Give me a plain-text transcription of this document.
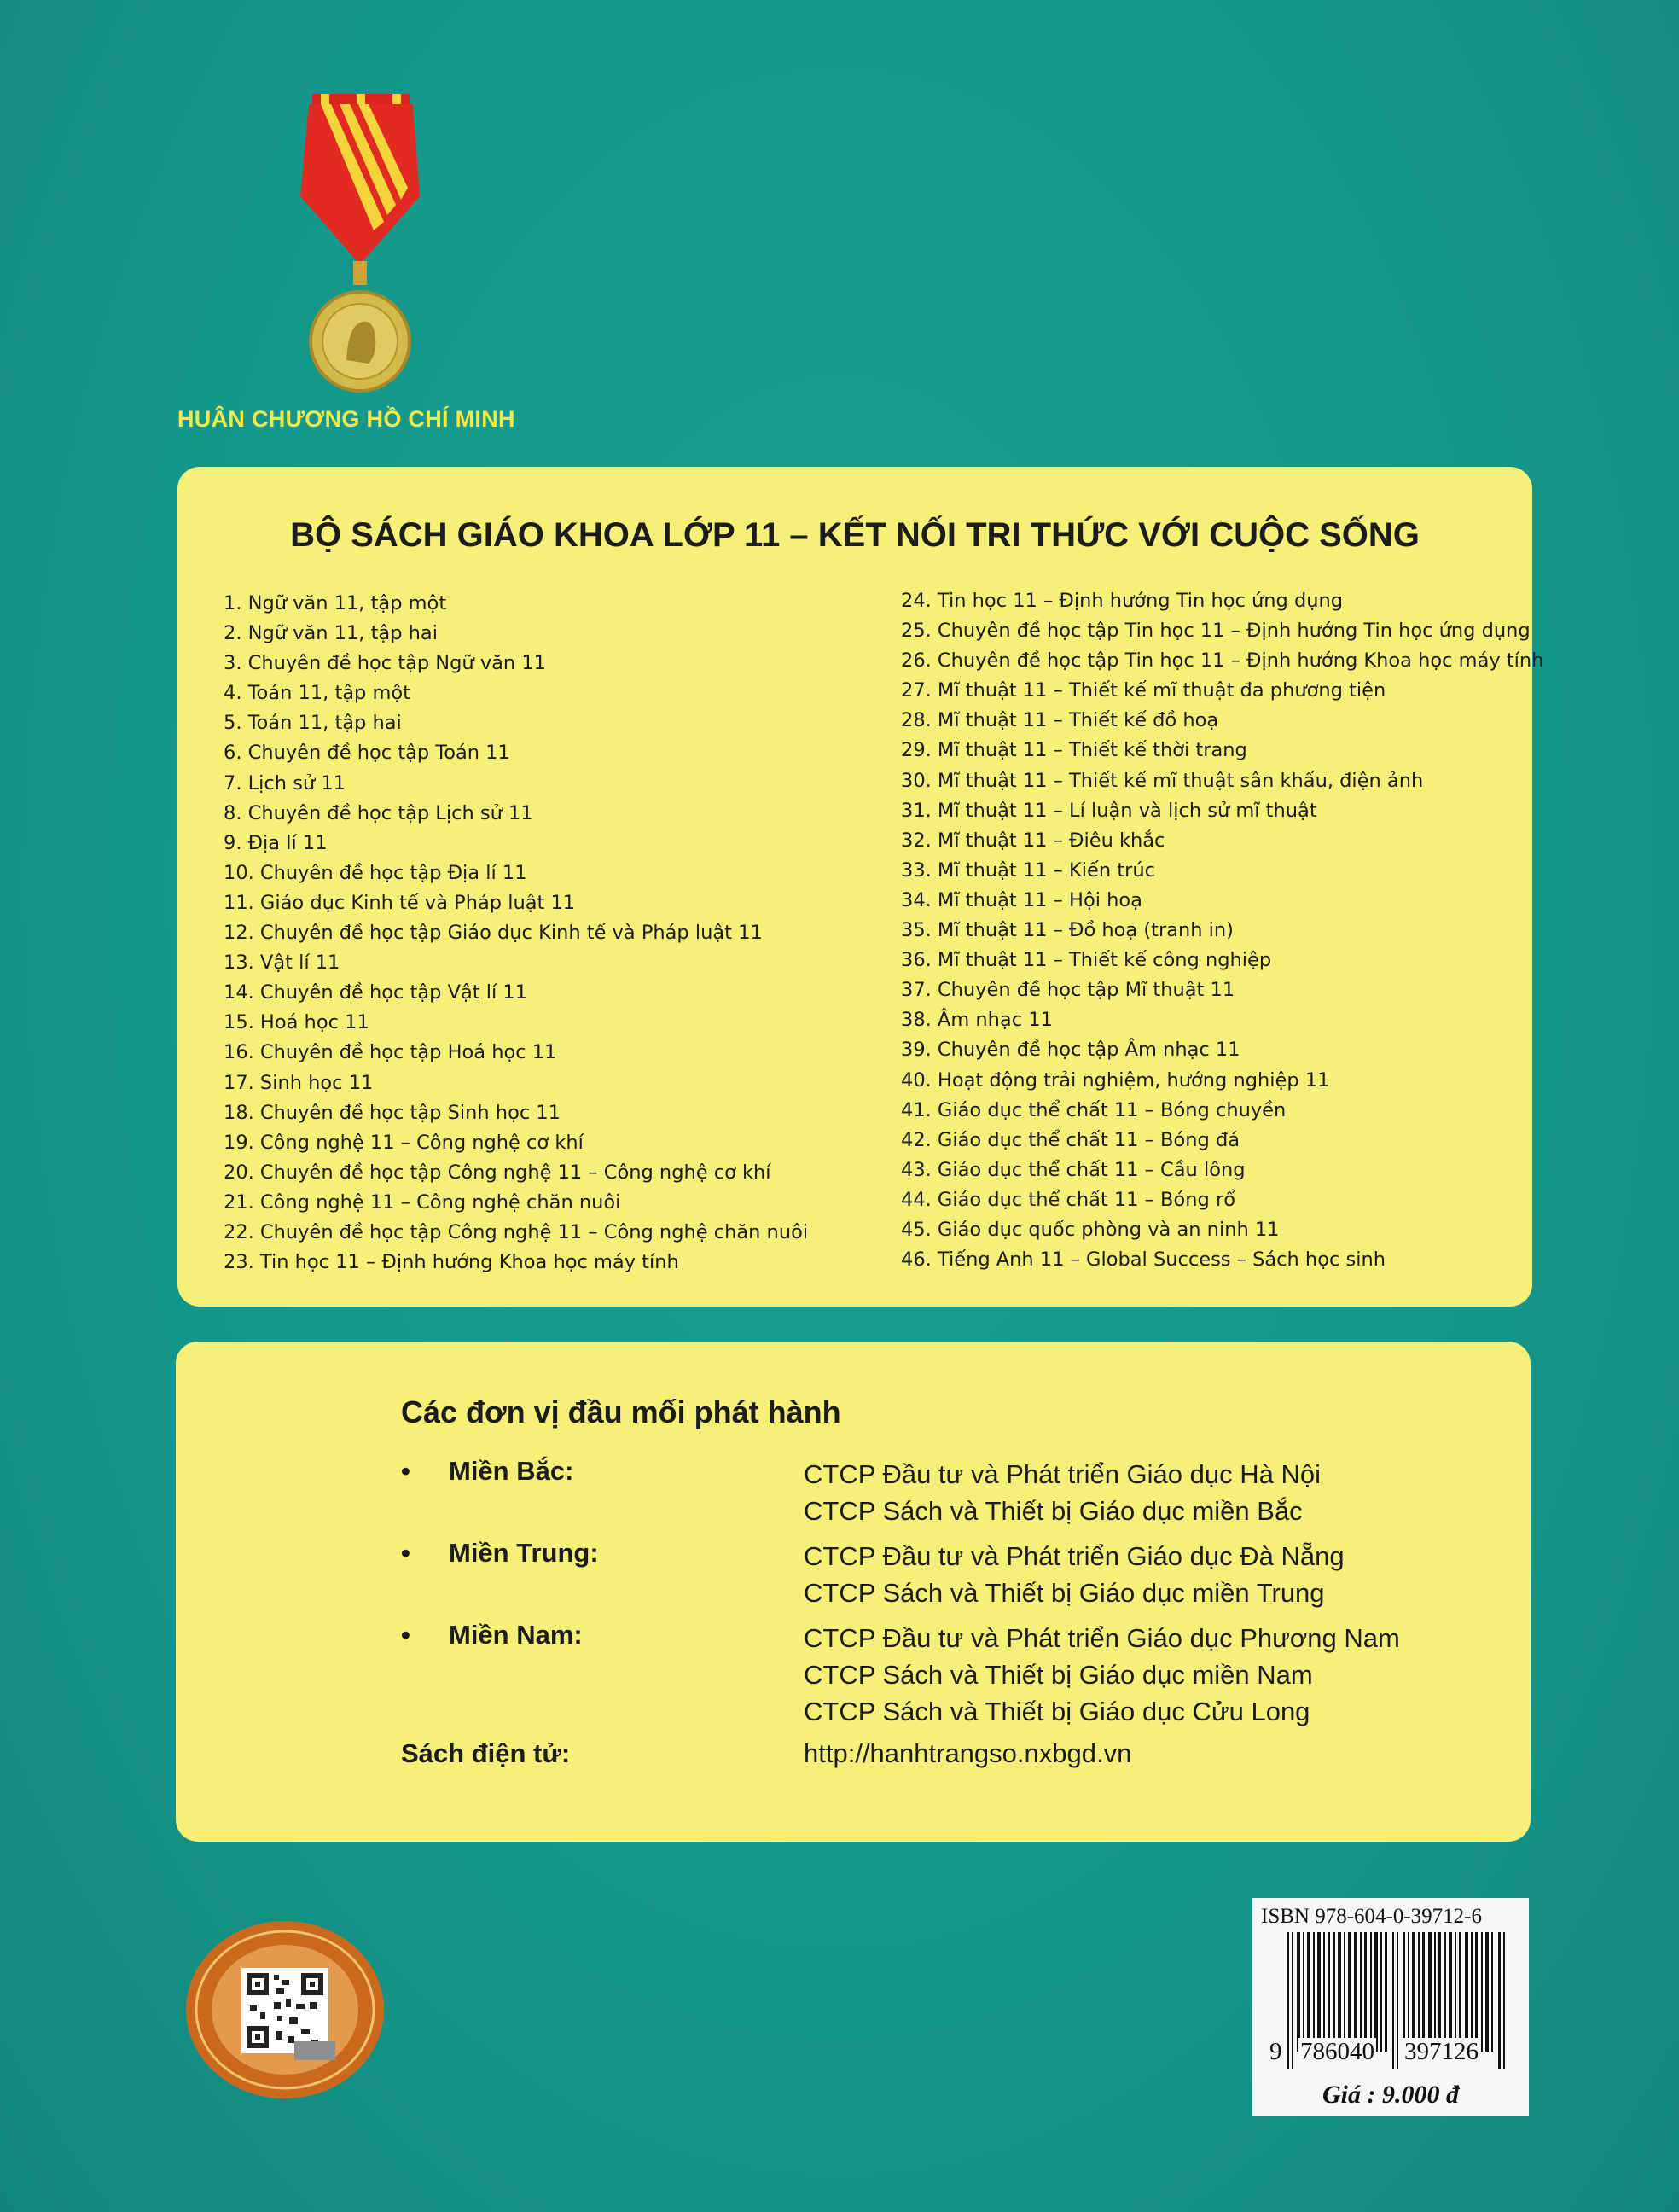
HUÂN CHƯƠNG HỒ CHÍ MINH
BỘ SÁCH GIÁO KHOA LỚP 11 – KẾT NỐI TRI THỨC VỚI CUỘC SỐNG
1. Ngữ văn 11, tập một
2. Ngữ văn 11, tập hai
3. Chuyên đề học tập Ngữ văn 11
4. Toán 11, tập một
5. Toán 11, tập hai
6. Chuyên đề học tập Toán 11
7. Lịch sử 11
8. Chuyên đề học tập Lịch sử 11
9. Địa lí 11
10. Chuyên đề học tập Địa lí 11
11. Giáo dục Kinh tế và Pháp luật 11
12. Chuyên đề học tập Giáo dục Kinh tế và Pháp luật 11
13. Vật lí 11
14. Chuyên đề học tập Vật lí 11
15. Hoá học 11
16. Chuyên đề học tập Hoá học 11
17. Sinh học 11
18. Chuyên đề học tập Sinh học 11
19. Công nghệ 11 – Công nghệ cơ khí
20. Chuyên đề học tập Công nghệ 11 – Công nghệ cơ khí
21. Công nghệ 11 – Công nghệ chăn nuôi
22. Chuyên đề học tập Công nghệ 11 – Công nghệ chăn nuôi
23. Tin học 11 – Định hướng Khoa học máy tính
24. Tin học 11 – Định hướng Tin học ứng dụng
25. Chuyên đề học tập Tin học 11 – Định hướng Tin học ứng dụng
26. Chuyên đề học tập Tin học 11 – Định hướng Khoa học máy tính
27. Mĩ thuật 11 – Thiết kế mĩ thuật đa phương tiện
28. Mĩ thuật 11 – Thiết kế đồ hoạ
29. Mĩ thuật 11 – Thiết kế thời trang
30. Mĩ thuật 11 – Thiết kế mĩ thuật sân khấu, điện ảnh
31. Mĩ thuật 11 – Lí luận và lịch sử mĩ thuật
32. Mĩ thuật 11 – Điêu khắc
33. Mĩ thuật 11 – Kiến trúc
34. Mĩ thuật 11 – Hội hoạ
35. Mĩ thuật 11 – Đồ hoạ (tranh in)
36. Mĩ thuật 11 – Thiết kế công nghiệp
37. Chuyên đề học tập Mĩ thuật 11
38. Âm nhạc 11
39. Chuyên đề học tập Âm nhạc 11
40. Hoạt động trải nghiệm, hướng nghiệp 11
41. Giáo dục thể chất 11 – Bóng chuyền
42. Giáo dục thể chất 11 – Bóng đá
43. Giáo dục thể chất 11 – Cầu lông
44. Giáo dục thể chất 11 – Bóng rổ
45. Giáo dục quốc phòng và an ninh 11
46. Tiếng Anh 11 – Global Success – Sách học sinh
Các đơn vị đầu mối phát hành
• Miền Bắc:	CTCP Đầu tư và Phát triển Giáo dục Hà Nội
CTCP Sách và Thiết bị Giáo dục miền Bắc
• Miền Trung:	CTCP Đầu tư và Phát triển Giáo dục Đà Nẵng
CTCP Sách và Thiết bị Giáo dục miền Trung
• Miền Nam:	CTCP Đầu tư và Phát triển Giáo dục Phương Nam
CTCP Sách và Thiết bị Giáo dục miền Nam
CTCP Sách và Thiết bị Giáo dục Cửu Long
Sách điện tử:	http://hanhtrangso.nxbgd.vn
ISBN 978-604-0-39712-6
9 786040 397126
Giá : 9.000 đ
